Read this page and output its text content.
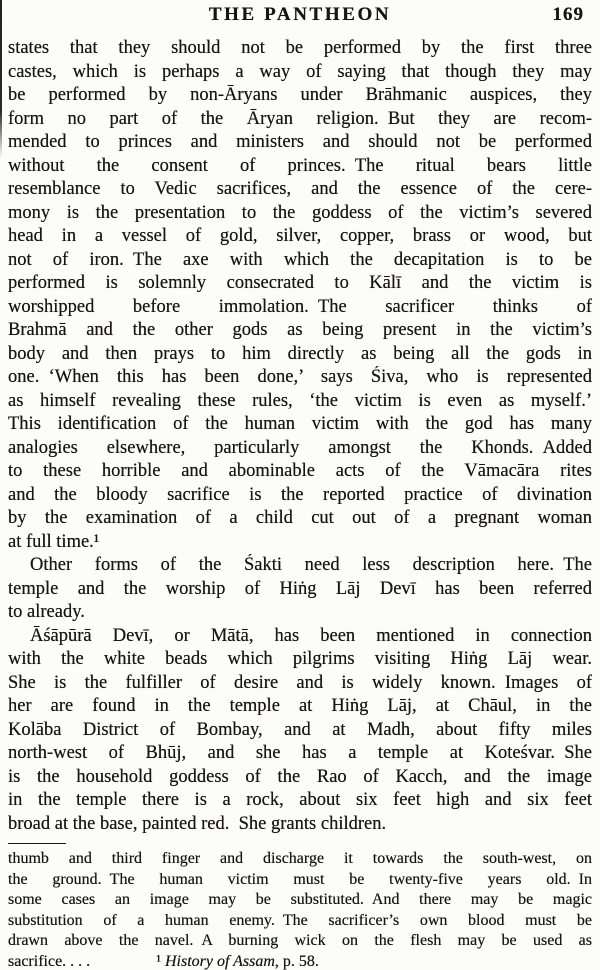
THE PANTHEON	169
states that they should not be performed by the first three
castes, which is perhaps a way of saying that though they may
be performed by non-Āryans under Brāhmanic auspices, they
form no part of the Āryan religion. But they are recom-
mended to princes and ministers and should not be performed
without the consent of princes. The ritual bears little
resemblance to Vedic sacrifices, and the essence of the cere-
mony is the presentation to the goddess of the victim’s severed
head in a vessel of gold, silver, copper, brass or wood, but
not of iron. The axe with which the decapitation is to be
performed is solemnly consecrated to Kālī and the victim is
worshipped before immolation. The sacrificer thinks of
Brahmā and the other gods as being present in the victim’s
body and then prays to him directly as being all the gods in
one. ‘When this has been done,’ says Śiva, who is represented
as himself revealing these rules, ‘the victim is even as myself.’
This identification of the human victim with the god has many
analogies elsewhere, particularly amongst the Khonds. Added
to these horrible and abominable acts of the Vāmacāra rites
and the bloody sacrifice is the reported practice of divination
by the examination of a child cut out of a pregnant woman
at full time.¹
Other forms of the Śakti need less description here. The
temple and the worship of Hiṅg Lāj Devī has been referred
to already.
Āśāpūrā Devī, or Mātā, has been mentioned in connection
with the white beads which pilgrims visiting Hiṅg Lāj wear.
She is the fulfiller of desire and is widely known. Images of
her are found in the temple at Hiṅg Lāj, at Chāul, in the
Kolāba District of Bombay, and at Madh, about fifty miles
north-west of Bhūj, and she has a temple at Koteśvar. She
is the household goddess of the Rao of Kacch, and the image
in the temple there is a rock, about six feet high and six feet
broad at the base, painted red. She grants children.
thumb and third finger and discharge it towards the south-west, on
the ground. The human victim must be twenty-five years old. In
some cases an image may be substituted. And there may be magic
substitution of a human enemy. The sacrificer’s own blood must be
drawn above the navel. A burning wick on the flesh may be used as
sacrifice. . . .	¹ History of Assam, p. 58.
